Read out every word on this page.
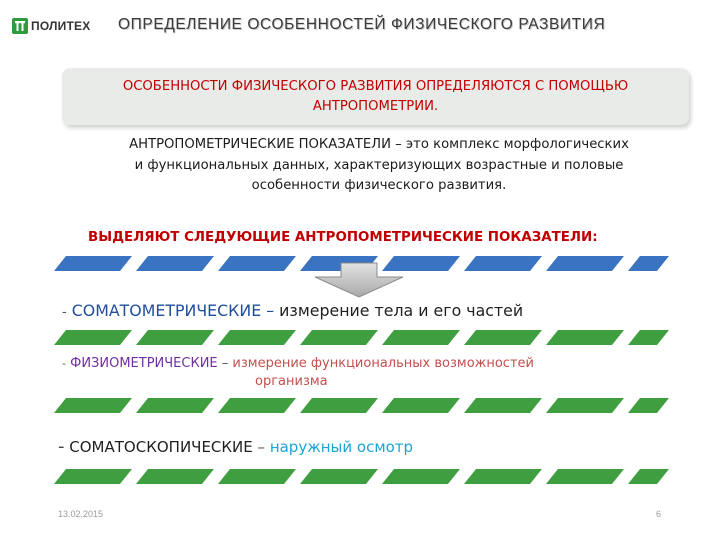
ПОЛИТЕХ ОПРЕДЕЛЕНИЕ ОСОБЕННОСТЕЙ ФИЗИЧЕСКОГО РАЗВИТИЯ
ОСОБЕННОСТИ ФИЗИЧЕСКОГО РАЗВИТИЯ ОПРЕДЕЛЯЮТСЯ С ПОМОЩЬЮ
АНТРОПОМЕТРИИ.
АНТРОПОМЕТРИЧЕСКИЕ ПОКАЗАТЕЛИ – это комплекс морфологических
и функциональных данных, характеризующих возрастные и половые
особенности физического развития.
ВЫДЕЛЯЮТ СЛЕДУЮЩИЕ АНТРОПОМЕТРИЧЕСКИЕ ПОКАЗАТЕЛИ:
- СОМАТОМЕТРИЧЕСКИЕ – измерение тела и его частей
- ФИЗИОМЕТРИЧЕСКИЕ – измерение функциональных возможностей
организма
- СОМАТОСКОПИЧЕСКИЕ – наружный осмотр
13.02.2015	6
